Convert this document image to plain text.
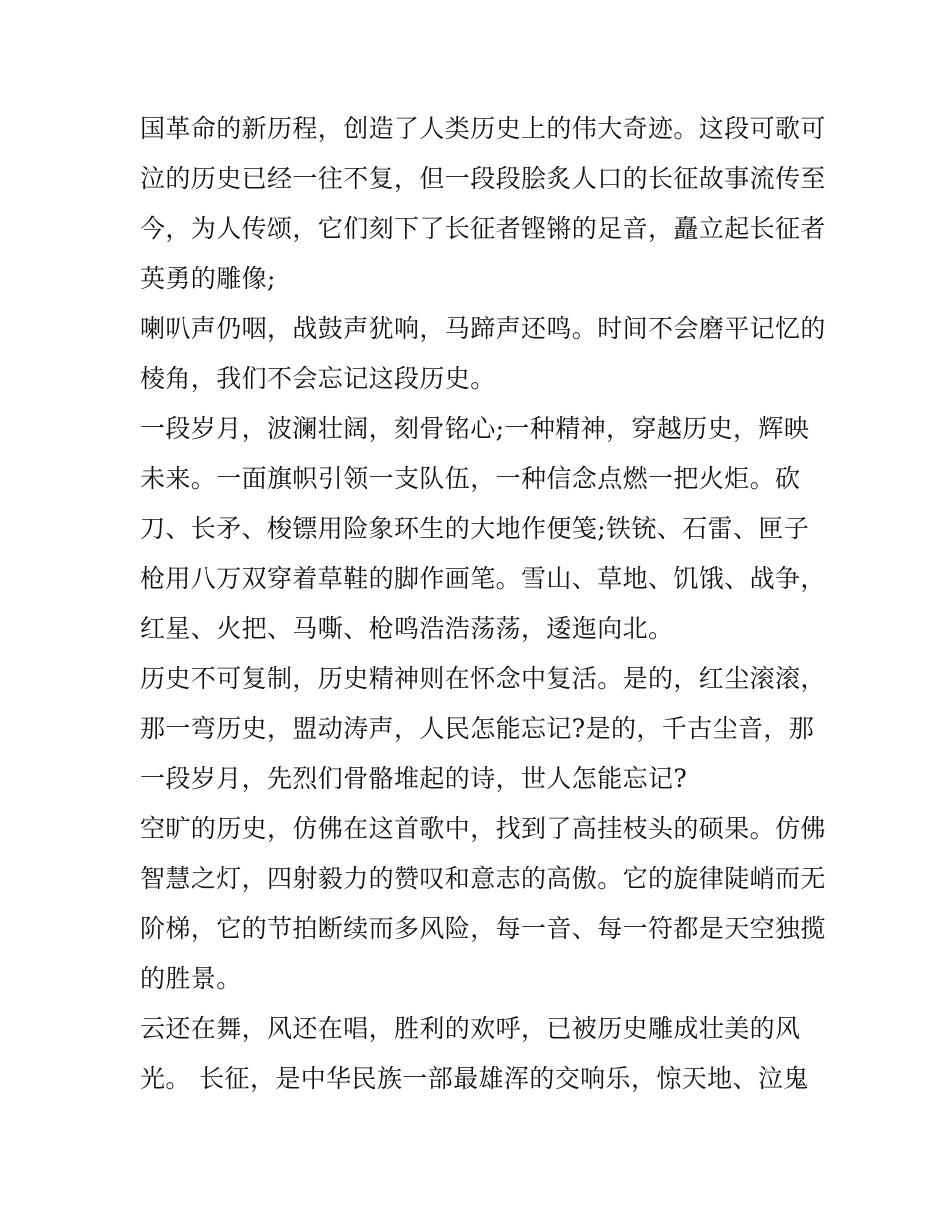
国革命的新历程，创造了人类历史上的伟大奇迹。这段可歌可
泣的历史已经一往不复，但一段段脍炙人口的长征故事流传至
今，为人传颂，它们刻下了长征者铿锵的足音，矗立起长征者
英勇的雕像;
喇叭声仍咽，战鼓声犹响，马蹄声还鸣。时间不会磨平记忆的
棱角，我们不会忘记这段历史。
一段岁月，波澜壮阔，刻骨铭心;一种精神，穿越历史，辉映
未来。一面旗帜引领一支队伍，一种信念点燃一把火炬。砍
刀、长矛、梭镖用险象环生的大地作便笺;铁铳、石雷、匣子
枪用八万双穿着草鞋的脚作画笔。雪山、草地、饥饿、战争，
红星、火把、马嘶、枪鸣浩浩荡荡，逶迤向北。
历史不可复制，历史精神则在怀念中复活。是的，红尘滚滚，
那一弯历史，盟动涛声，人民怎能忘记?是的，千古尘音，那
一段岁月，先烈们骨骼堆起的诗，世人怎能忘记?
空旷的历史，仿佛在这首歌中，找到了高挂枝头的硕果。仿佛
智慧之灯，四射毅力的赞叹和意志的高傲。它的旋律陡峭而无
阶梯，它的节拍断续而多风险，每一音、每一符都是天空独揽
的胜景。
云还在舞，风还在唱，胜利的欢呼，已被历史雕成壮美的风
光。 长征，是中华民族一部最雄浑的交响乐，惊天地、泣鬼
